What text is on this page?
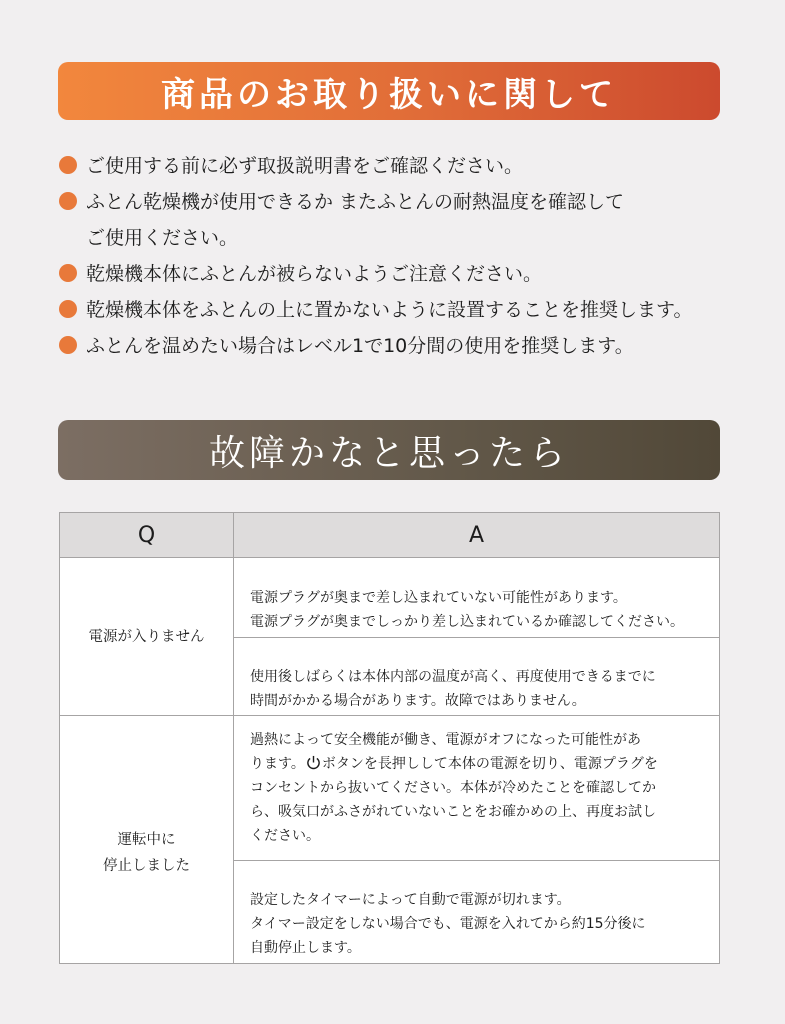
商品のお取り扱いに関して
ご使用する前に必ず取扱説明書をご確認ください。
ふとん乾燥機が使用できるか またふとんの耐熱温度を確認して
ご使用ください。
乾燥機本体にふとんが被らないようご注意ください。
乾燥機本体をふとんの上に置かないように設置することを推奨します。
ふとんを温めたい場合はレベル1で10分間の使用を推奨します。
故障かなと思ったら
Q	A
電源が入りません	電源プラグが奥まで差し込まれていない可能性があります。
電源プラグが奥までしっかり差し込まれているか確認してください。

使用後しばらくは本体内部の温度が高く、再度使用できるまでに
時間がかかる場合があります。故障ではありません。

運転中に
停止しました	過熱によって安全機能が働き、電源がオフになった可能性があ
ります。 ボタンを長押しして本体の電源を切り、電源プラグを
コンセントから抜いてください。本体が冷めたことを確認してか
ら、吸気口がふさがれていないことをお確かめの上、再度お試し
ください。

設定したタイマーによって自動で電源が切れます。
タイマー設定をしない場合でも、電源を入れてから約15分後に
自動停止します。
